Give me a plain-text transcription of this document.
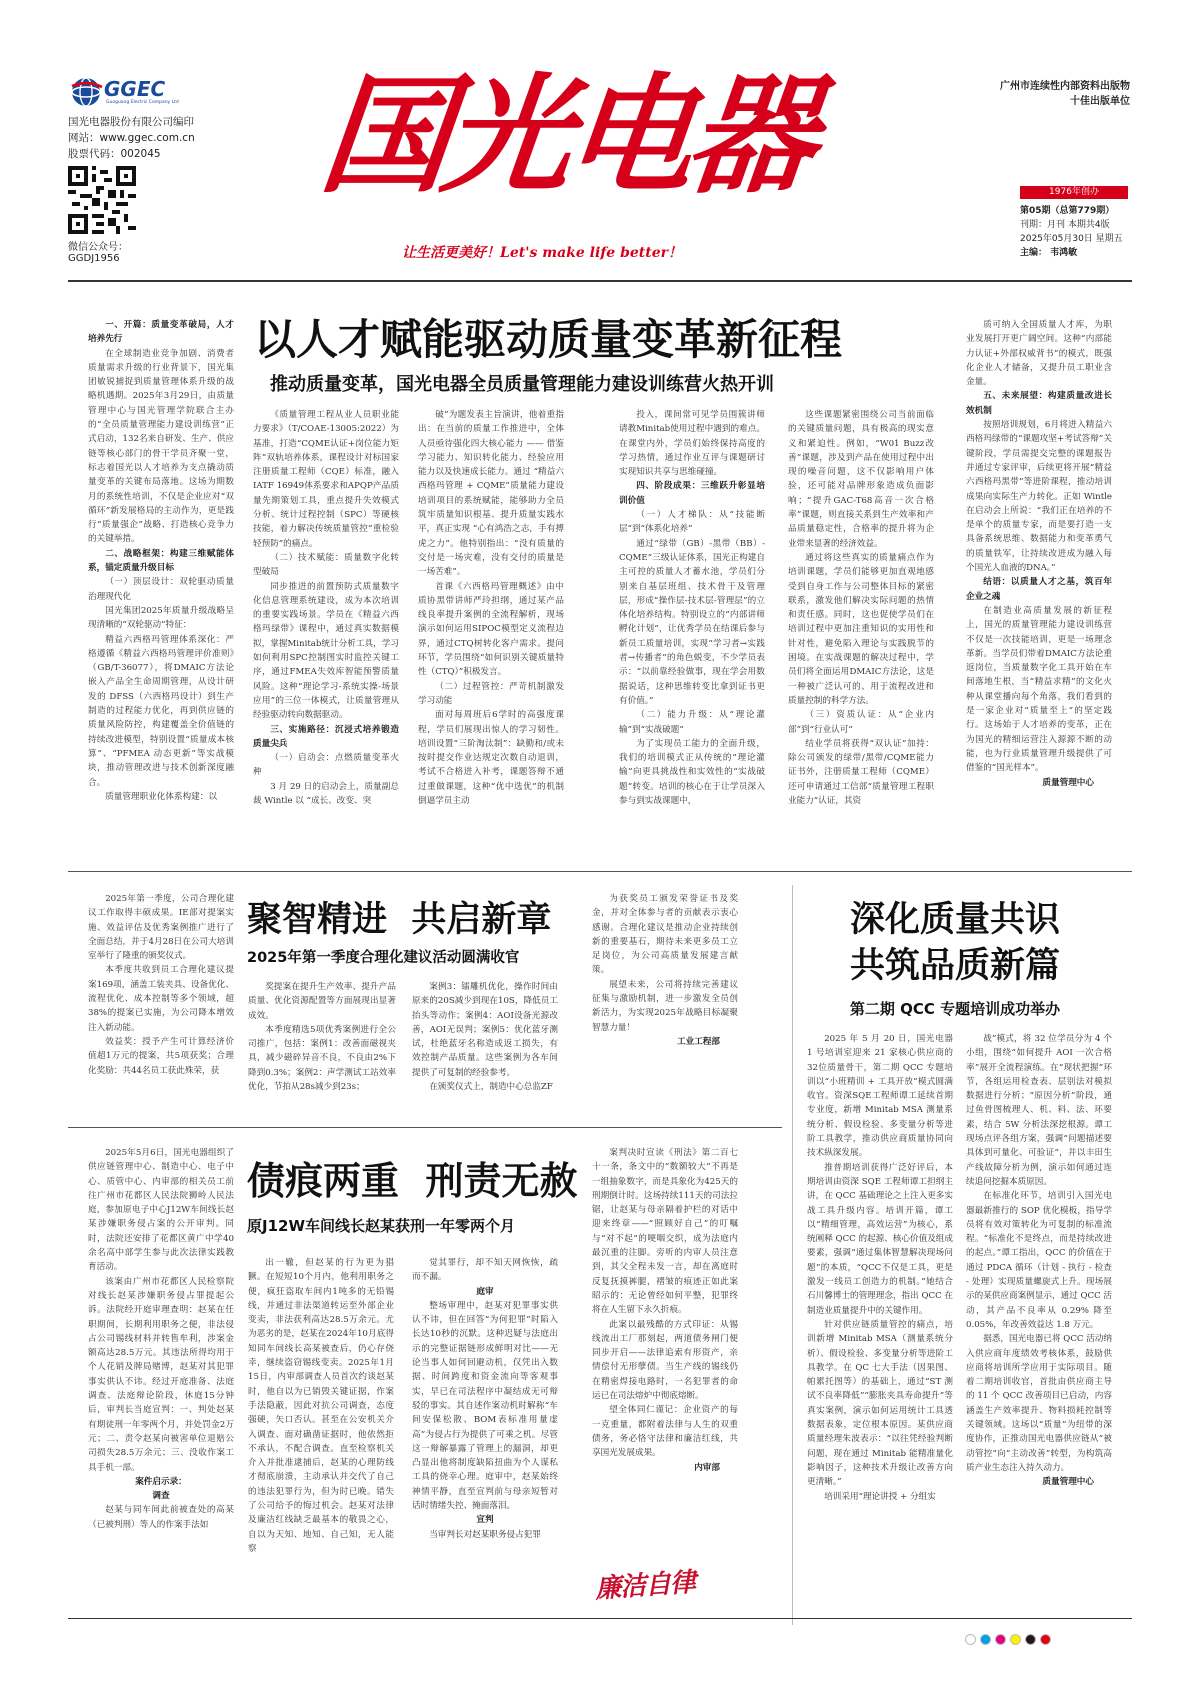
GGEC
Guoguang Electric Company Ltd
国光电器股份有限公司编印
网站：www.ggec.com.cn
股票代码：002045
微信公众号：
GGDJ1956
国光电器
让生活更美好！Let's make life better！
广州市连续性内部资料出版物
十佳出版单位
1976年创办
第05期（总第779期）
刊期：月刊 本期共4版
2025年05月30日 星期五
主编： 韦鸿敏
以人才赋能驱动质量变革新征程
推动质量变革，国光电器全员质量管理能力建设训练营火热开训

一、开篇：质量变革破局，人才培养先行

在全球制造业竞争加剧、消费者质量需求升级的行业背景下，国光集团敏锐捕捉到质量管理体系升级的战略机遇期。2025年3月29日，由质量管理中心与国光管理学院联合主办的“全员质量管理能力建设训练营”正式启动，132名来自研发、生产、供应链等核心部门的骨干学员齐聚一堂，标志着国光以人才培养为支点撬动质量变革的关键布局落地。这场为期数月的系统性培训，不仅是企业应对“双循环”新发展格局的主动作为，更是践行“质量强企”战略、打造核心竞争力的关键举措。

二、战略框架：构建三维赋能体系，锚定质量升级目标

（一）顶层设计：双轮驱动质量治理现代化

国光集团2025年质量升级战略呈现清晰的“双轮驱动”特征：

精益六西格玛管理体系深化：严格遵循《精益六西格玛管理评价准则》（GB/T-36077），将DMAIC方法论嵌入产品全生命周期管理，从设计研发的 DFSS（六西格玛设计）到生产制造的过程能力优化，再到供应链的质量风险防控，构建覆盖全价值链的持续改进模型，特别设置“质量成本核算”、“PFMEA 动态更新”等实战模块，推动管理改进与技术创新深度融合。

质量管理职业化体系构建：以

《质量管理工程从业人员职业能力要求》（T/COAE-13005:2022）为基准，打造“CQME认证+岗位能力矩阵”双轨培养体系，课程设计对标国家注册质量工程师（CQE）标准，融入IATF 16949体系要求和APQP产品质量先期策划工具，重点提升失效模式分析、统计过程控制（SPC）等硬核技能，着力解决传统质量管控“重检验轻预防”的痛点。

（二）技术赋能：质量数字化转型破局

同步推进的前置预防式质量数字化信息管理系统建设，成为本次培训的重要实践场景。学员在《精益六西格玛绿带》课程中，通过真实数据模拟，掌握Minitab统计分析工具，学习如何利用SPC控制图实时监控关键工序，通过FMEA失效库智能预警质量风险。这种“理论学习-系统实操-场景应用”的三位一体模式，让质量管理从经验驱动转向数据驱动。

三、实施路径：沉浸式培养锻造质量尖兵

（一）启动会：点燃质量变革火种

3 月 29 日的启动会上，质量副总裁 Wintle 以 “成长、改变、突

破”为题发表主旨演讲，他着重指出：在当前的质量工作推进中，全体人员亟待强化四大核心能力 —— 借鉴学习能力、知识转化能力、经验应用能力以及快速成长能力。通过 “精益六西格玛管理 + CQME”质量能力建设培训项目的系统赋能，能够助力全员筑牢质量知识根基、提升质量实践水平，真正实现 “心有鸿浩之志，手有搏虎之力”。他特别指出：“没有质量的交付是一场灾难，没有交付的质量是一场苦难”。

首课《六西格玛管理概述》由中质协黑带讲师严玲担纲，通过某产品线良率提升案例的全流程解析，现场演示如何运用SIPOC模型定义流程边界，通过CTQ树转化客户需求。提问环节，学员围绕“如何识别关键质量特性（CTQ）”积极发言。

（二）过程管控：严苛机制激发学习动能

面对每周班后6学时的高强度课程，学员们展现出惊人的学习韧性。培训设置“三阶淘汰制”：缺勤和/或未按时提交作业达规定次数自动退训，考试不合格进入补考，课题答辩不通过重做课题，这种“优中选优”的机制倒逼学员主动

投入，课间常可见学员围簇讲师请教Minitab使用过程中遇到的难点。在课堂内外，学员们始终保持高度的学习热情，通过作业互评与课题研讨实现知识共享与思维碰撞。

四、阶段成果：三维跃升彰显培训价值

（一）人才梯队：从“技能断层”到“体系化培养”

通过“绿带（GB）-黑带（BB）-CQME”三级认证体系，国光正构建自主可控的质量人才蓄水池，学员们分别来自基层班组、技术骨干及管理层，形成“操作层-技术层-管理层”的立体化培养结构。特别设立的“内部讲师孵化计划”，让优秀学员在结课后参与新员工质量培训，实现“学习者→实践者→传播者”的角色蜕变，不少学员表示：“以前靠经验做事，现在学会用数据说话，这种思维转变比拿到证书更有价值。”

（二）能力升级：从“理论灌输”到“实战破题”

为了实现员工能力的全面升级，我们的培训模式正从传统的“理论灌输”向更具挑战性和实效性的“实战破题”转变。培训的核心在于让学员深入参与到实战课题中，

这些课题紧密围绕公司当前面临的关键质量问题，具有极高的现实意义和紧迫性。例如，“W01 Buzz改善”课题，涉及到产品在使用过程中出现的噪音问题，这不仅影响用户体验，还可能对品牌形象造成负面影响；“提升GAC-T68高音一次合格率”课题，则直接关系到生产效率和产品质量稳定性，合格率的提升将为企业带来显著的经济效益。

通过将这些真实的质量痛点作为培训课题，学员们能够更加直观地感受到自身工作与公司整体目标的紧密联系，激发他们解决实际问题的热情和责任感。同时，这也促使学员们在培训过程中更加注重知识的实用性和针对性，避免陷入理论与实践脱节的困境。在实战课题的解决过程中，学员们将全面运用DMAIC方法论，这是一种被广泛认可的、用于流程改进和质量控制的科学方法。

（三）资质认证：从“企业内部”到“行业认可”

结业学员将获得“双认证”加持：除公司颁发的绿带/黑带/CQME能力证书外，注册质量工程师（CQME）还可申请通过工信部“质量管理工程职业能力”认证，其资

质可纳入全国质量人才库，为职业发展打开更广阔空间。这种“内部能力认证+外部权威背书”的模式，既强化企业人才储备，又提升员工职业含金量。

五、未来展望：构建质量改进长效机制

按照培训规划，6月将进入精益六西格玛绿带的“课题攻坚+考试答辩”关键阶段，学员需提交完整的课题报告并通过专家评审，后续更将开展“精益六西格玛黑带”等进阶课程，推动培训成果向实际生产力转化。正如 Wintle 在启动会上所说：“我们正在培养的不是单个的质量专家，而是要打造一支具备系统思维、数据能力和变革勇气的质量铁军，让持续改进成为融入每个国光人血液的DNA。”

结语：以质量人才之基，筑百年企业之魂

在制造业高质量发展的新征程上，国光的质量管理能力建设训练营不仅是一次技能培训，更是一场理念革新。当学员们带着DMAIC方法论重返岗位，当质量数字化工具开始在车间落地生根，当“精益求精”的文化火种从课堂播向每个角落，我们看到的是一家企业对“质量至上”的坚定践行。这场始于人才培养的变革，正在为国光的精细运营注入源源不断的动能，也为行业质量管理升级提供了可借鉴的“国光样本”。

质量管理中心

2025年第一季度，公司合理化建议工作取得丰硕成果。IE部对提案实施、效益评估及优秀案例推广进行了全面总结，并于4月28日在公司大培训室举行了隆重的颁奖仪式。

本季度共收到员工合理化建议提案169项，涵盖工装夹具、设备优化、流程优化、成本控制等多个领域，超38%的提案已实施，为公司降本增效注入新动能。

效益奖：授予产生可计算经济价值超1万元的提案，共5项获奖；合理化奖励：共44名员工获此殊荣，获

聚智精进  共启新章
2025年第一季度合理化建议活动圆满收官

奖提案在提升生产效率、提升产品质量、优化资源配置等方面展现出显著成效。

本季度精选5项优秀案例进行全公司推广，包括：案例1：改善面磁视夹具，减少磁碎异音不良，不良由2%下降到0.3%；案例2：声学测试工站效率优化，节拍从28s减少到23s；

案例3：镭雕机优化，操作时间由原来的20S减少到现在10S，降低员工抬头等动作；案例4：AOI设备光源改善，AOI无误判；案例5：优化蓝牙测试，杜绝蓝牙名称造成返工损失，有效控制产品质量。这些案例为各车间提供了可复制的经验参考。

在颁奖仪式上，制造中心总监ZF

为获奖员工颁发荣誉证书及奖金，并对全体参与者的贡献表示衷心感谢。合理化建议是推动企业持续创新的重要基石，期待未来更多员工立足岗位，为公司高质量发展建言献策。

展望未来，公司将持续完善建议征集与激励机制，进一步激发全员创新活力，为实现2025年战略目标凝聚智慧力量！

工业工程部

深化质量共识
共筑品质新篇
第二期 QCC 专题培训成功举办

2025 年 5 月 20 日，国光电器 1 号培训室迎来 21 家核心供应商的32位质量骨干，第二期 QCC 专题培训以“小班精训 + 工具开放”模式圆满收官。资深SQE工程师谭工延续首期专业度，新增 Minitab MSA 测量系统分析、假设检验、多变量分析等进阶工具教学，推动供应商质量协同向技术纵深发展。

推普期培训获得广泛好评后，本期培训由资深 SQE 工程师谭工担纲主讲，在 QCC 基础理论之上注入更多实战工具升级内容。培训开篇，谭工以“精细管理，高效运营”为核心，系统阐释 QCC 的起源、核心价值及组成要素，强调“通过集体智慧解决现场问题”的本质，“QCC不仅是工具，更是激发一线员工创造力的机制。”她结合石川馨博士的管理理念，指出 QCC 在制造业质量提升中的关键作用。

针对供应链质量管控的痛点，培训新增 Minitab MSA（测量系统分析）、假设检验、多变量分析等进阶工具教学。在 QC 七大手法（因果图、帕累托图等）的基础上，通过“ST 测试不良率降低”“膨胀夹具寿命提升”等真实案例，演示如何运用统计工具透数据表象，定位根本原因。某供应商质量经理朱波表示：“以往凭经验判断问题，现在通过 Minitab 能精准量化影响因子，这种技术升级让改善方向更清晰。”

培训采用“理论讲授 + 分组实

战”模式，将 32 位学员分为 4 个小组，围绕“如何提升 AOI 一次合格率”展开全流程演练。在“现状把握”环节，各组运用检查表、层别法对模拟数据进行分析；“原因分析”阶段，通过鱼骨图梳理人、机、料、法、环要素，结合 5W 分析法深挖根源。谭工现场点评各组方案，强调“问题描述要具体到可量化、可验证”，并以丰田生产线故障分析为例，演示如何通过连续追问挖掘本质原因。

在标准化环节，培训引入国光电器最新推行的 SOP 优化模板，指导学员将有效对策转化为可复制的标准流程。“标准化不是终点，而是持续改进的起点。”谭工指出，QCC 的价值在于通过 PDCA 循环（计划 - 执行 - 检查 - 处理）实现质量螺旋式上升。现场展示的某供应商案例显示，通过 QCC 活动，其产品不良率从 0.29% 降至 0.05%，年改善效益达 1.8 万元。

据悉，国光电器已将 QCC 活动纳入供应商年度绩效考核体系，鼓励供应商将培训所学应用于实际项目。随着二期培训收官，首批由供应商主导的 11 个 QCC 改善项目已启动，内容涵盖生产效率提升、物料损耗控制等关键领域。这场以“质量”为纽带的深度协作，正推动国光电器供应链从“被动管控”向“主动改善”转型，为构筑高质产业生态注入持久动力。

质量管理中心

2025年5月6日，国光电器组织了供应链管理中心、制造中心、电子中心、质管中心、内审部的相关员工前往广州市花都区人民法院狮岭人民法庭，参加原电子中心J12W车间线长赵某涉嫌职务侵占案的公开审判。同时，法院还安排了花都区黄广中学40余名高中部学生参与此次法律实践教育活动。

该案由广州市花都区人民检察院对线长赵某涉嫌职务侵占罪提起公诉。法院经开庭审理查明：赵某在任职期间，长期利用职务之便，非法侵占公司锡线材料并转售牟利，涉案金额高达28.5万元。其违法所得均用于个人花销及牌局赌博，赵某对其犯罪事实供认不讳。经过开庭准备、法庭调查、法庭辩论阶段，休庭15分钟后，审判长当庭宣判：一、判处赵某有期徒刑一年零两个月，并处罚金2万元；二、责令赵某向被害单位退赔公司损失28.5万余元；三、没收作案工具手机一部。

案件启示录：

调查

赵某与同车间此前被查处的高某（已被判刑）等人的作案手法如

债痕两重  刑责无赦
原J12W车间线长赵某获刑一年零两个月

出一辙，但赵某的行为更为猖獗。在短短10个月内，他利用职务之便，疯狂盗取车间内1吨多的无铅锡线，并通过非法渠道转运至外部企业变卖，非法获利高达28.5万余元。尤为恶劣的是，赵某在2024年10月底得知同车间线长高某被查后，仍心存侥幸，继续盗窃锡线变卖。2025年1月15日，内审部调查人员首次约谈赵某时，他自以为已销毁关键证据，作案手法隐蔽，因此对抗公司调查，态度强硬，矢口否认。甚至在公安机关介入调查、面对确凿证据时，他依然拒不承认，不配合调查。直至检察机关介入并批准逮捕后，赵某的心理防线才彻底崩溃，主动承认并交代了自己的违法犯罪行为，但为时已晚。错失了公司给予的悔过机会。赵某对法律及廉洁红线缺乏最基本的敬畏之心，自以为天知、地知、自己知，无人能察

觉其罪行，却不知天网恢恢，疏而不漏。

庭审

整场审理中，赵某对犯罪事实供认不讳，但在回答“为何犯罪”时陷入长达10秒的沉默。这种迟疑与法庭出示的完整证据链形成鲜明对比——无论当事人如何回避动机，仅凭出入数据、时间跨度和资金流向等客观事实，早已在司法程序中凝结成无可辩驳的事实。其自述作案动机时解称“车间安保松散、BOM表标准用量虚高”为侵占行为提供了可乘之机。尽管这一辩解暴露了管理上的漏洞，却更凸显出他将制度缺陷扭曲为个人谋私工具的侥幸心理。庭审中，赵某始终神情平静，直至宣判前与母亲短暂对话时情绪失控、掩面落泪。

宣判

当审判长对赵某职务侵占犯罪

案判决时宣读《刑法》第二百七十一条，条文中的“数额较大”不再是一组抽象数字，而是具象化为425天的刑期倒计时。这场持续111天的司法拉锯，让赵某与母亲隔着护栏的对话中迎来终章——“照顾好自己”的叮嘱与“对不起”的哽咽交织，成为法庭内最沉重的注脚。旁听的内审人员注意到，其父全程未发一言，却在离庭时反复抚摸裤腿，褶皱的痕迹正如此案昭示的：无论曾经如何平整，犯罪终将在人生留下永久折痕。

此案以最残酷的方式印证：从锡线流出工厂那刻起，两道债务闸门便同步开启——法律追索有形资产，亲情偿付无形孽债。当生产线的锡线仍在精密焊接电路时，一名犯罪者的命运已在司法熔炉中彻底熔断。

望全体同仁谨记：企业资产的每一克重量，都附着法律与人生的双重债务，务必恪守法律和廉洁红线，共享国光发展成果。

内审部

廉洁自律
